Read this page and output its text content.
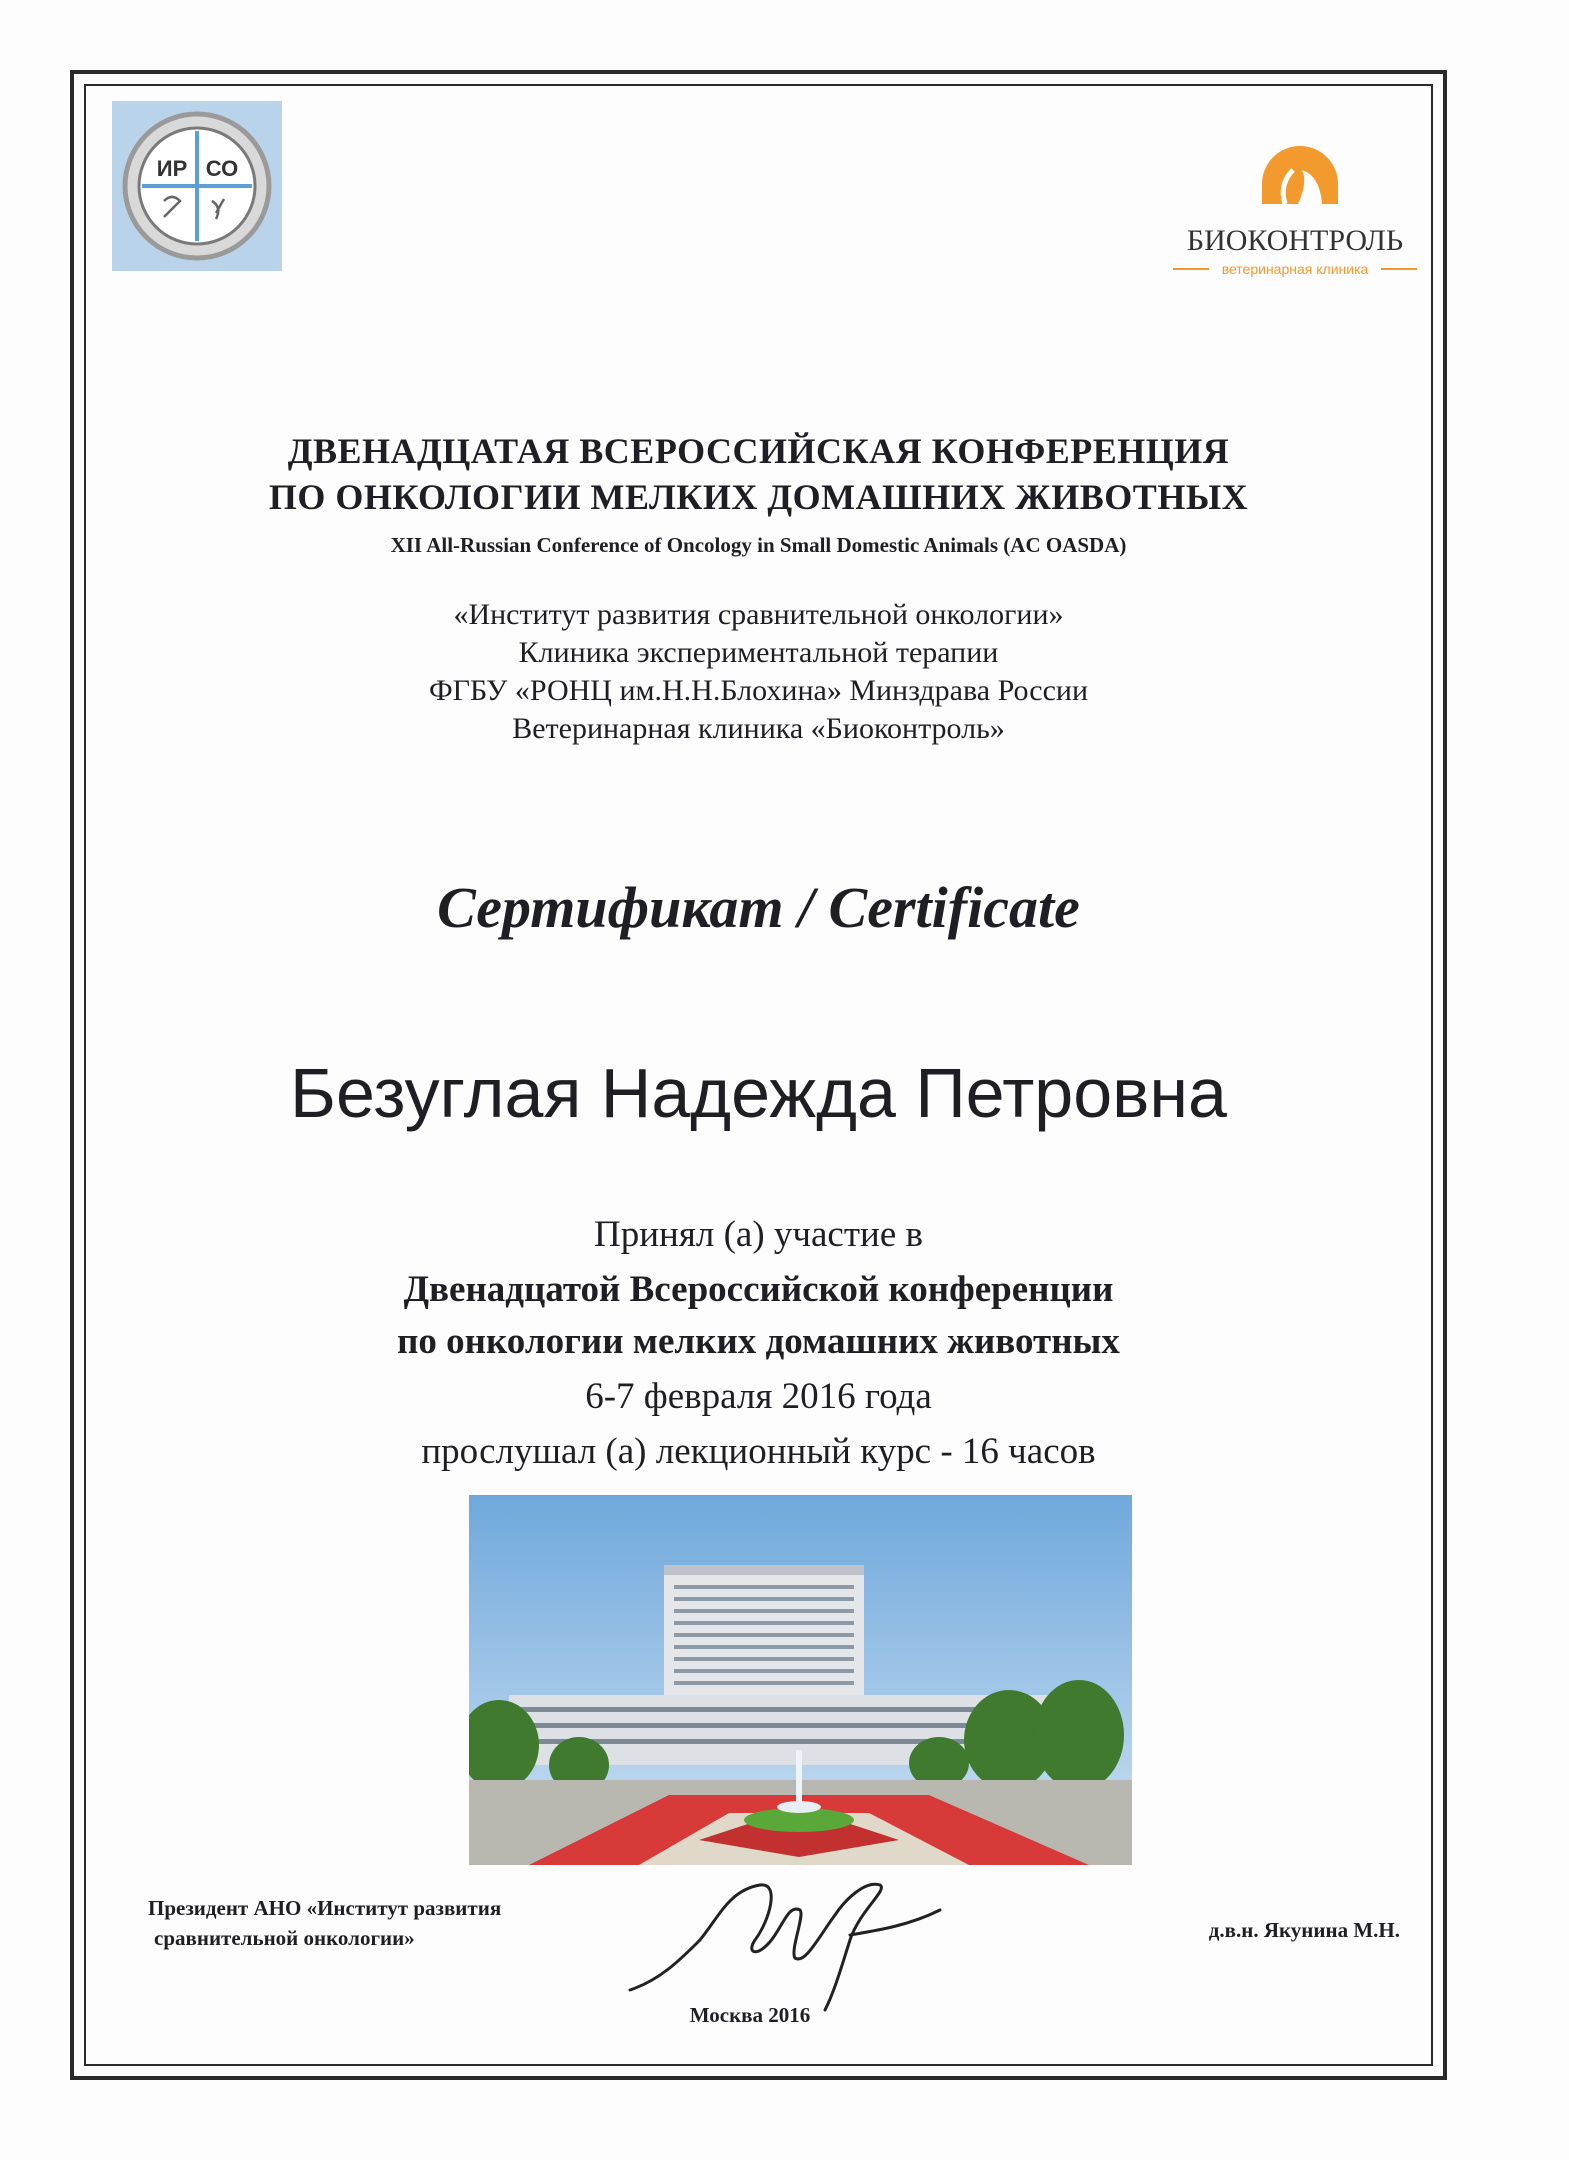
ИР СО
БИОКОНТРОЛЬ
ветеринарная клиника
ДВЕНАДЦАТАЯ ВСЕРОССИЙСКАЯ КОНФЕРЕНЦИЯ
ПО ОНКОЛОГИИ МЕЛКИХ ДОМАШНИХ ЖИВОТНЫХ
XII All-Russian Conference of Oncology in Small Domestic Animals (AC OASDA)
«Институт развития сравнительной онкологии»
Клиника экспериментальной терапии
ФГБУ «РОНЦ им.Н.Н.Блохина» Минздрава России
Ветеринарная клиника «Биоконтроль»
Сертификат / Certificate
Безуглая Надежда Петровна
Принял (а) участие в
Двенадцатой Всероссийской конференции
по онкологии мелких домашних животных
6-7 февраля 2016 года
прослушал (а) лекционный курс - 16 часов
Президент АНО «Институт развития
сравнительной онкологии»	д.в.н. Якунина М.Н.
Москва 2016
